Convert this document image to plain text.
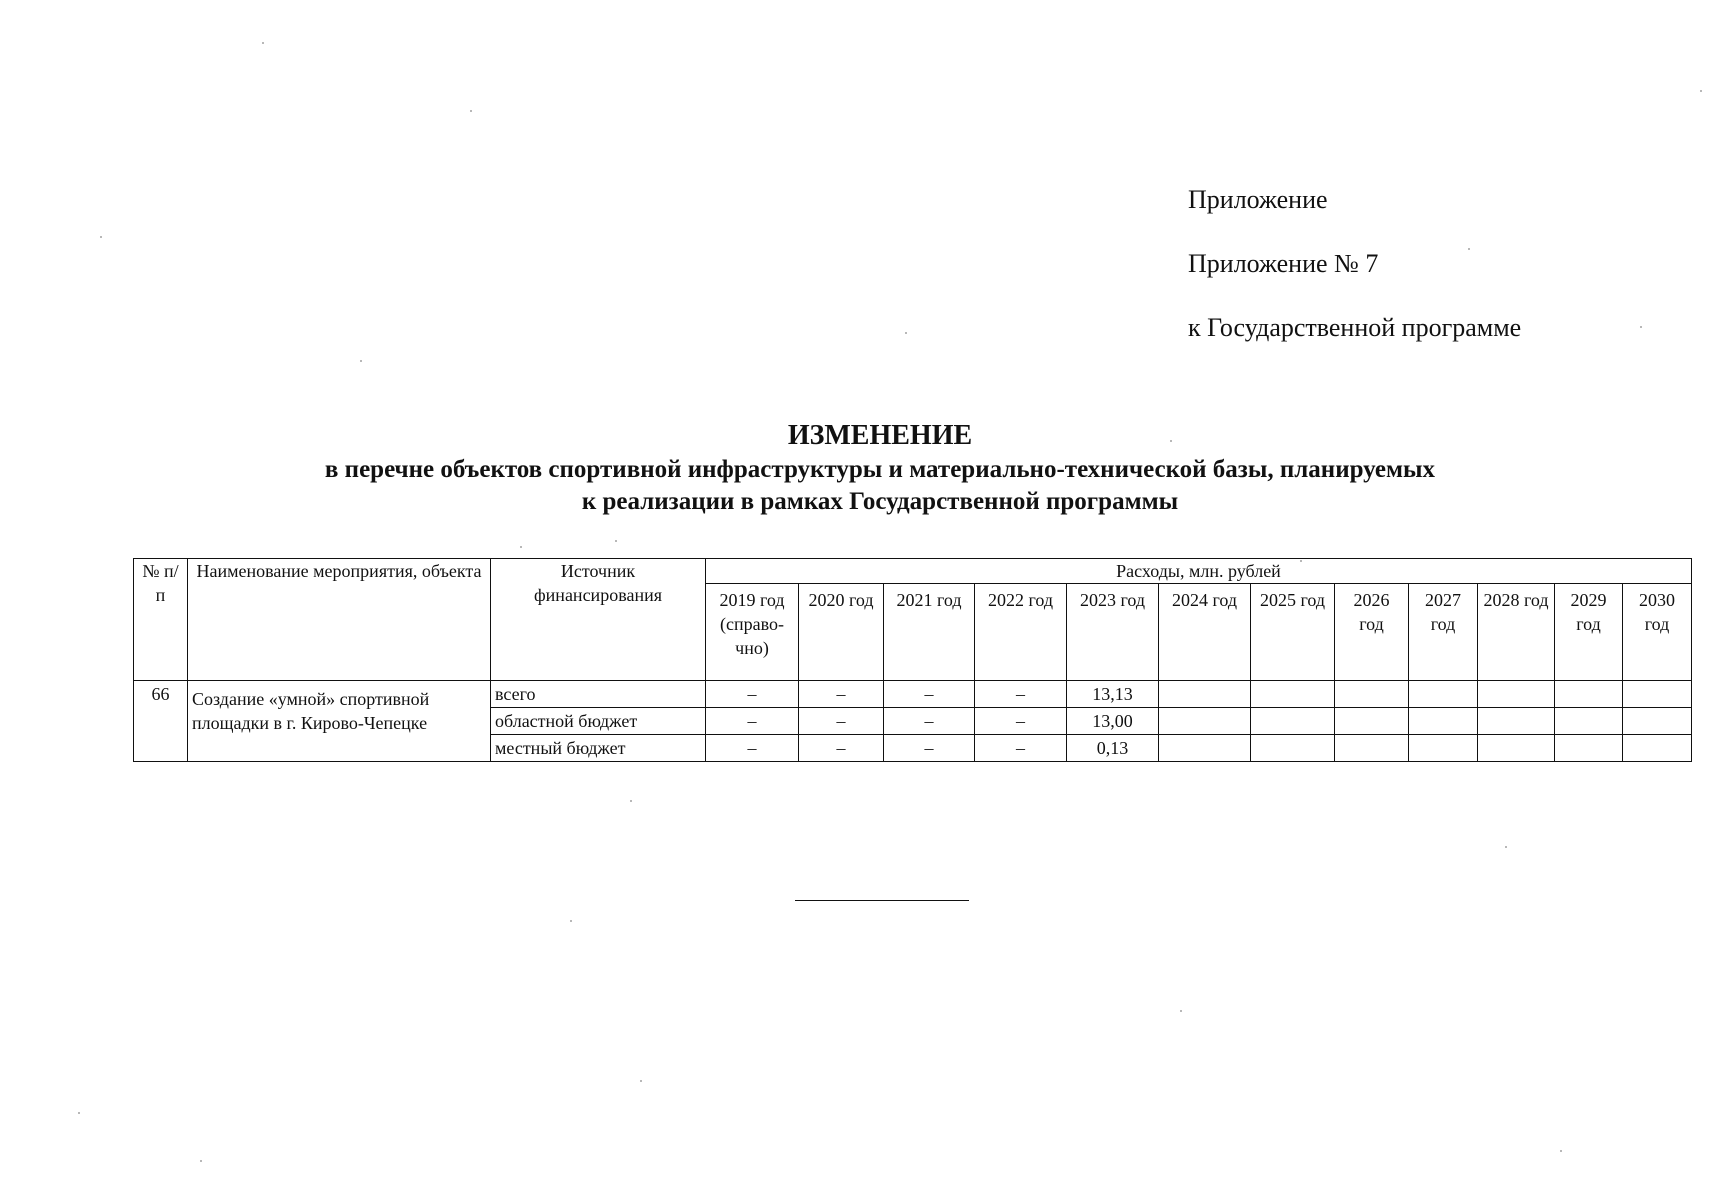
Приложение
Приложение № 7
к Государственной программе
ИЗМЕНЕНИЕ
в перечне объектов спортивной инфраструктуры и материально-технической базы, планируемых
к реализации в рамках Государственной программы
№ п/п	Наименование мероприятия, объекта	Источник финансирования	Расходы, млн. рублей											
			2019 год (справо-чно)	2020 год	2021 год	2022 год	2023 год	2024 год	2025 год	2026 год	2027 год	2028 год	2029 год	2030 год
66	Создание «умной» спортивной площадки в г. Кирово-Чепецке	всего	–	–	–	–	13,13							
		областной бюджет	–	–	–	–	13,00							
		местный бюджет	–	–	–	–	0,13							
